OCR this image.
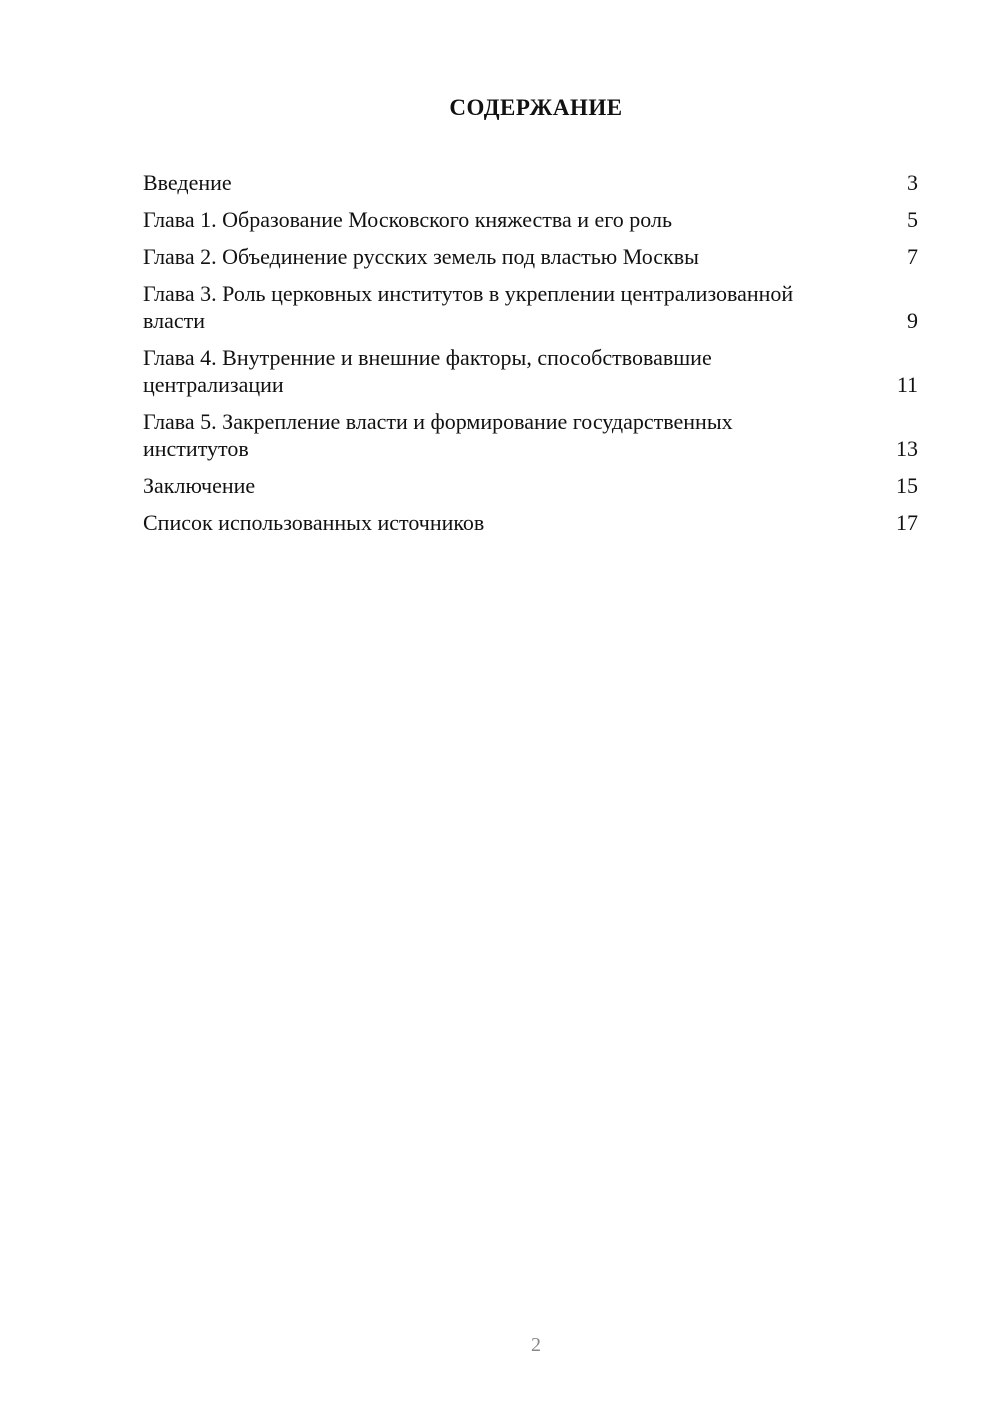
СОДЕРЖАНИЕ
Введение	3
Глава 1. Образование Московского княжества и его роль	5
Глава 2. Объединение русских земель под властью Москвы	7
Глава 3. Роль церковных институтов в укреплении централизованной власти	9
Глава 4. Внутренние и внешние факторы, способствовавшие централизации	11
Глава 5. Закрепление власти и формирование государственных институтов	13
Заключение	15
Список использованных источников	17
2
